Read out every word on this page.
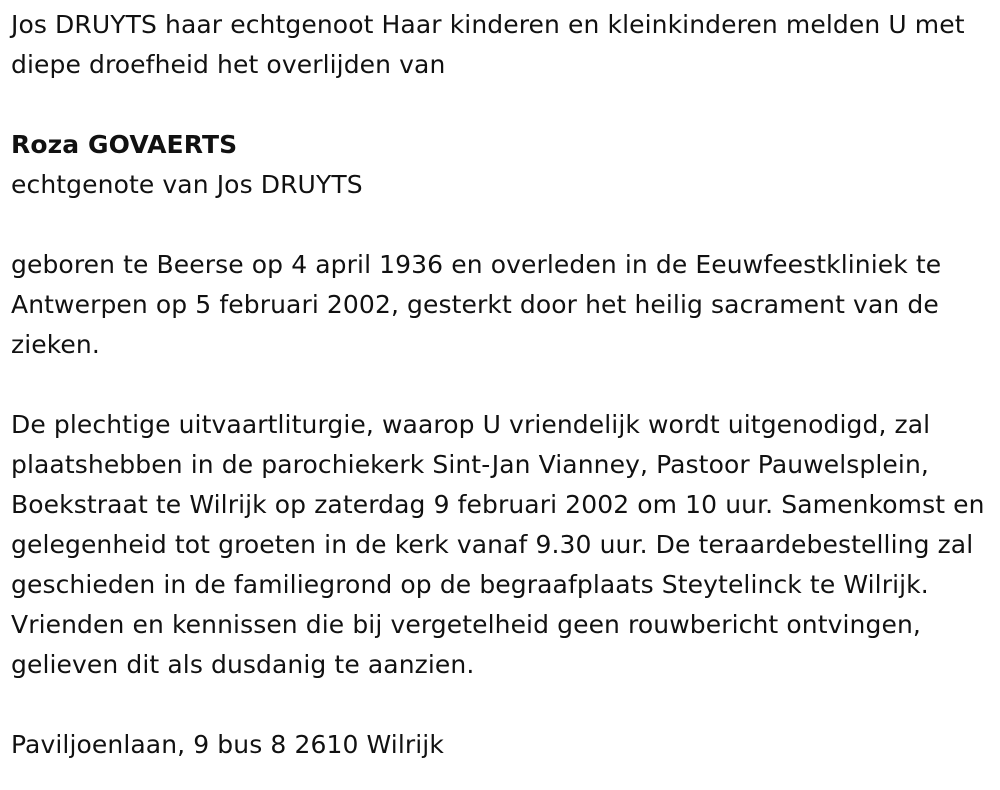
Jos DRUYTS haar echtgenoot Haar kinderen en kleinkinderen melden U met diepe droefheid het overlijden van

Roza GOVAERTS

echtgenote van Jos DRUYTS

geboren te Beerse op 4 april 1936 en overleden in de Eeuwfeestkliniek te Antwerpen op 5 februari 2002, gesterkt door het heilig sacrament van de zieken.

De plechtige uitvaartliturgie, waarop U vriendelijk wordt uitgenodigd, zal plaatshebben in de parochiekerk Sint-Jan Vianney, Pastoor Pauwelsplein, Boekstraat te Wilrijk op zaterdag 9 februari 2002 om 10 uur. Samenkomst en gelegenheid tot groeten in de kerk vanaf 9.30 uur. De teraardebestelling zal geschieden in de familiegrond op de begraafplaats Steytelinck te Wilrijk. Vrienden en kennissen die bij vergetelheid geen rouwbericht ontvingen, gelieven dit als dusdanig te aanzien.

Paviljoenlaan, 9 bus 8 2610 Wilrijk
